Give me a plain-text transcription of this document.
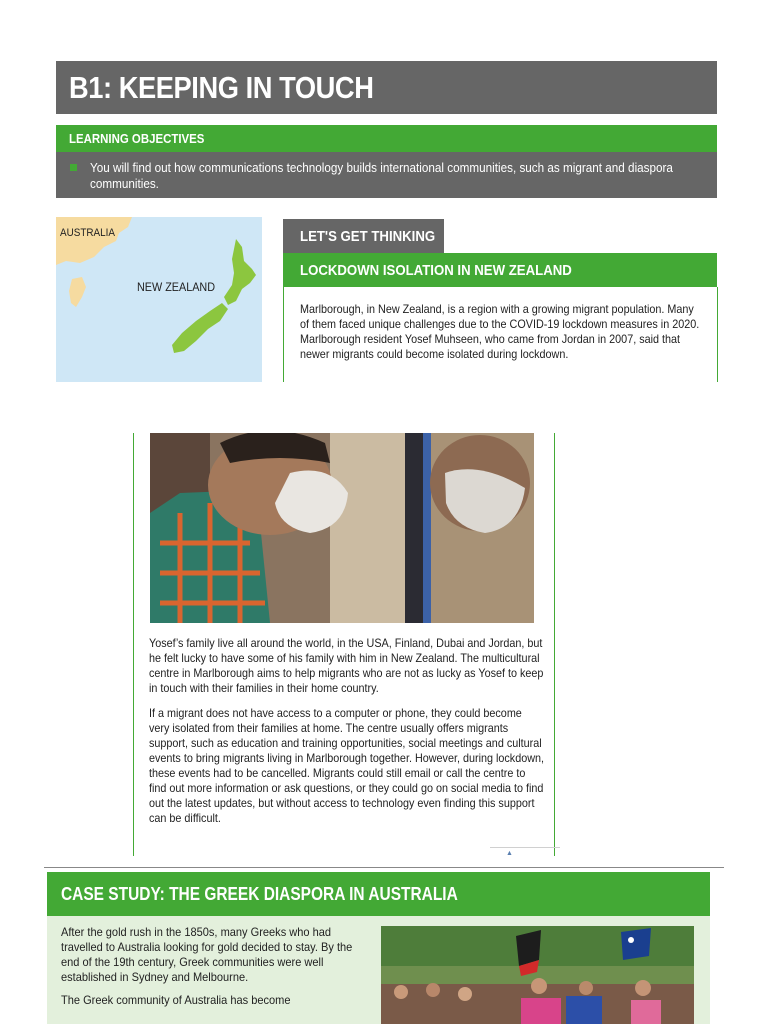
B1: KEEPING IN TOUCH
LEARNING OBJECTIVES
You will find out how communications technology builds international communities, such as migrant and diaspora communities.
AUSTRALIA
NEW ZEALAND
LET'S GET THINKING
LOCKDOWN ISOLATION IN NEW ZEALAND
Marlborough, in New Zealand, is a region with a growing migrant population. Many of them faced unique challenges due to the COVID-19 lockdown measures in 2020. Marlborough resident Yosef Muhseen, who came from Jordan in 2007, said that newer migrants could become isolated during lockdown.

Yosef’s family live all around the world, in the USA, Finland, Dubai and Jordan, but he felt lucky to have some of his family with him in New Zealand. The multicultural centre in Marlborough aims to help migrants who are not as lucky as Yosef to keep in touch with their families in their home country.

If a migrant does not have access to a computer or phone, they could become very isolated from their families at home. The centre usually offers migrants support, such as education and training opportunities, social meetings and cultural events to bring migrants living in Marlborough together. However, during lockdown, these events had to be cancelled. Migrants could still email or call the centre to find out more information or ask questions, or they could go on social media to find out the latest updates, but without access to technology even finding this support can be difficult.

▲
CASE STUDY: THE GREEK DIASPORA IN AUSTRALIA

After the gold rush in the 1850s, many Greeks who had travelled to Australia looking for gold decided to stay. By the end of the 19th century, Greek communities were well established in Sydney and Melbourne.

The Greek community of Australia has become
